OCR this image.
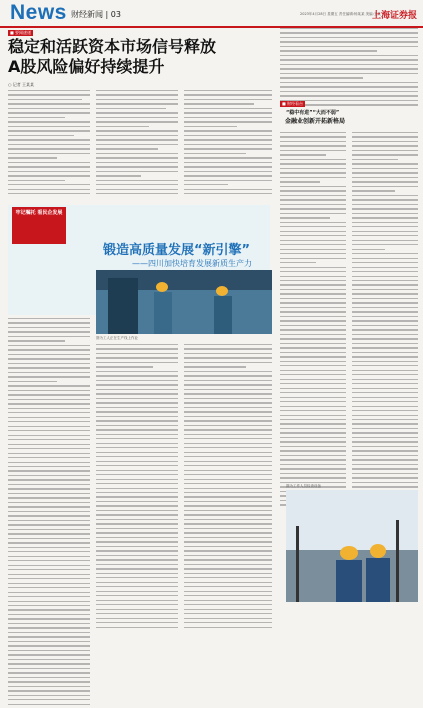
News 财经新闻 | 03	2023年4月28日 星期五 责任编辑:杨某某 美编:王某
上海证券报
■ 要闻速递
稳定和活跃资本市场信号释放
A股风险偏好持续提升
○ 记者 王某某
■ 财经看台
“稳中有进”“大而不弱”
金融业创新开拓新格局
牢记嘱托 看民企发展
锻造高质量发展“新引擎”
——四川加快培育发展新质生产力
图为工人正在生产线上作业
图为工作人员检查设备
